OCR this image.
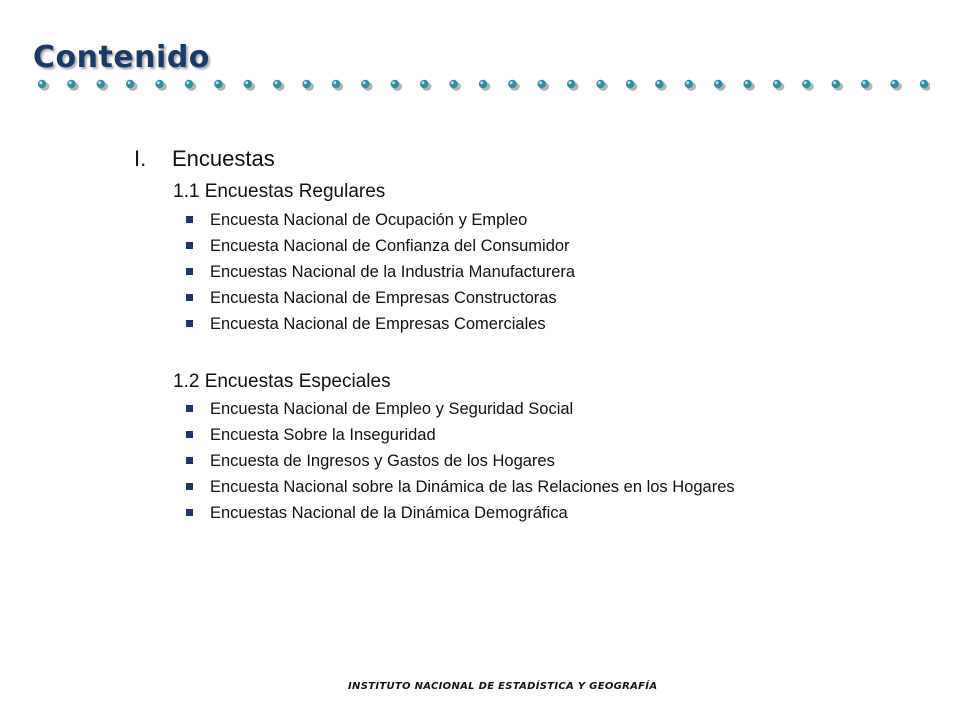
Contenido
I. Encuestas
1.1 Encuestas Regulares
Encuesta Nacional de Ocupación y Empleo
Encuesta Nacional de Confianza del Consumidor
Encuestas Nacional de la Industria Manufacturera
Encuesta Nacional de Empresas Constructoras
Encuesta Nacional de Empresas Comerciales
1.2 Encuestas Especiales
Encuesta Nacional de Empleo y Seguridad Social
Encuesta Sobre la Inseguridad
Encuesta de Ingresos y Gastos de los Hogares
Encuesta Nacional sobre la Dinámica de las Relaciones en los Hogares
Encuestas Nacional de la Dinámica Demográfica
INSTITUTO NACIONAL DE ESTADÍSTICA Y GEOGRAFÍA
